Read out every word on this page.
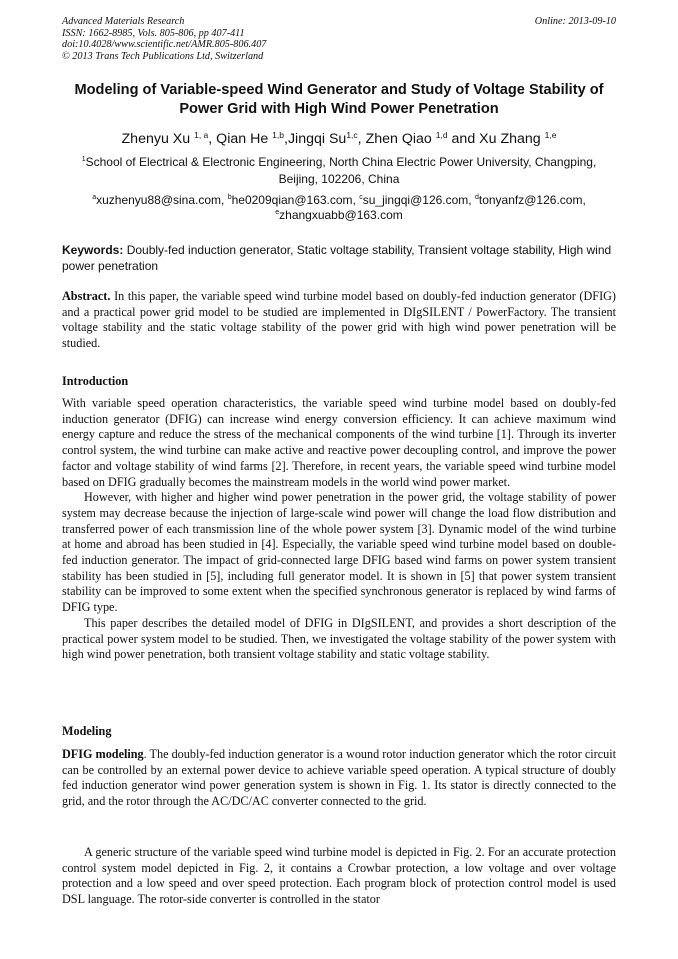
Advanced Materials Research
ISSN: 1662-8985, Vols. 805-806, pp 407-411
doi:10.4028/www.scientific.net/AMR.805-806.407
© 2013 Trans Tech Publications Ltd, Switzerland
Online: 2013-09-10
Modeling of Variable-speed Wind Generator and Study of Voltage Stability of Power Grid with High Wind Power Penetration
Zhenyu Xu $^{1, a}$, Qian He $^{1,b}$,Jingqi Su$^{1,c}$, Zhen Qiao $^{1,d}$ and Xu Zhang $^{1,e}$
$^1$School of Electrical & Electronic Engineering, North China Electric Power University, Changping, Beijing, 102206, China
$^a$xuzhenyu88@sina.com, $^b$he0209qian@163.com, $^c$su_jingqi@126.com, $^d$tonyanfz@126.com, $^e$zhangxuabb@163.com
Keywords: Doubly-fed induction generator, Static voltage stability, Transient voltage stability, High wind power penetration

Abstract. In this paper, the variable speed wind turbine model based on doubly-fed induction generator (DFIG) and a practical power grid model to be studied are implemented in DIgSILENT / PowerFactory. The transient voltage stability and the static voltage stability of the power grid with high wind power penetration will be studied.

Introduction

With variable speed operation characteristics, the variable speed wind turbine model based on doubly-fed induction generator (DFIG) can increase wind energy conversion efficiency. It can achieve maximum wind energy capture and reduce the stress of the mechanical components of the wind turbine [1]. Through its inverter control system, the wind turbine can make active and reactive power decoupling control, and improve the power factor and voltage stability of wind farms [2]. Therefore, in recent years, the variable speed wind turbine model based on DFIG gradually becomes the mainstream models in the world wind power market.

However, with higher and higher wind power penetration in the power grid, the voltage stability of power system may decrease because the injection of large-scale wind power will change the load flow distribution and transferred power of each transmission line of the whole power system [3]. Dynamic model of the wind turbine at home and abroad has been studied in [4]. Especially, the variable speed wind turbine model based on double-fed induction generator. The impact of grid-connected large DFIG based wind farms on power system transient stability has been studied in [5], including full generator model. It is shown in [5] that power system transient stability can be improved to some extent when the specified synchronous generator is replaced by wind farms of DFIG type.

This paper describes the detailed model of DFIG in DIgSILENT, and provides a short description of the practical power system model to be studied. Then, we investigated the voltage stability of the power system with high wind power penetration, both transient voltage stability and static voltage stability.

Modeling

DFIG modeling. The doubly-fed induction generator is a wound rotor induction generator which the rotor circuit can be controlled by an external power device to achieve variable speed operation. A typical structure of doubly fed induction generator wind power generation system is shown in Fig. 1. Its stator is directly connected to the grid, and the rotor through the AC/DC/AC converter connected to the grid.

A generic structure of the variable speed wind turbine model is depicted in Fig. 2. For an accurate protection control system model depicted in Fig. 2, it contains a Crowbar protection, a low voltage and over voltage protection and a low speed and over speed protection. Each program block of protection control model is used DSL language. The rotor-side converter is controlled in the stator
